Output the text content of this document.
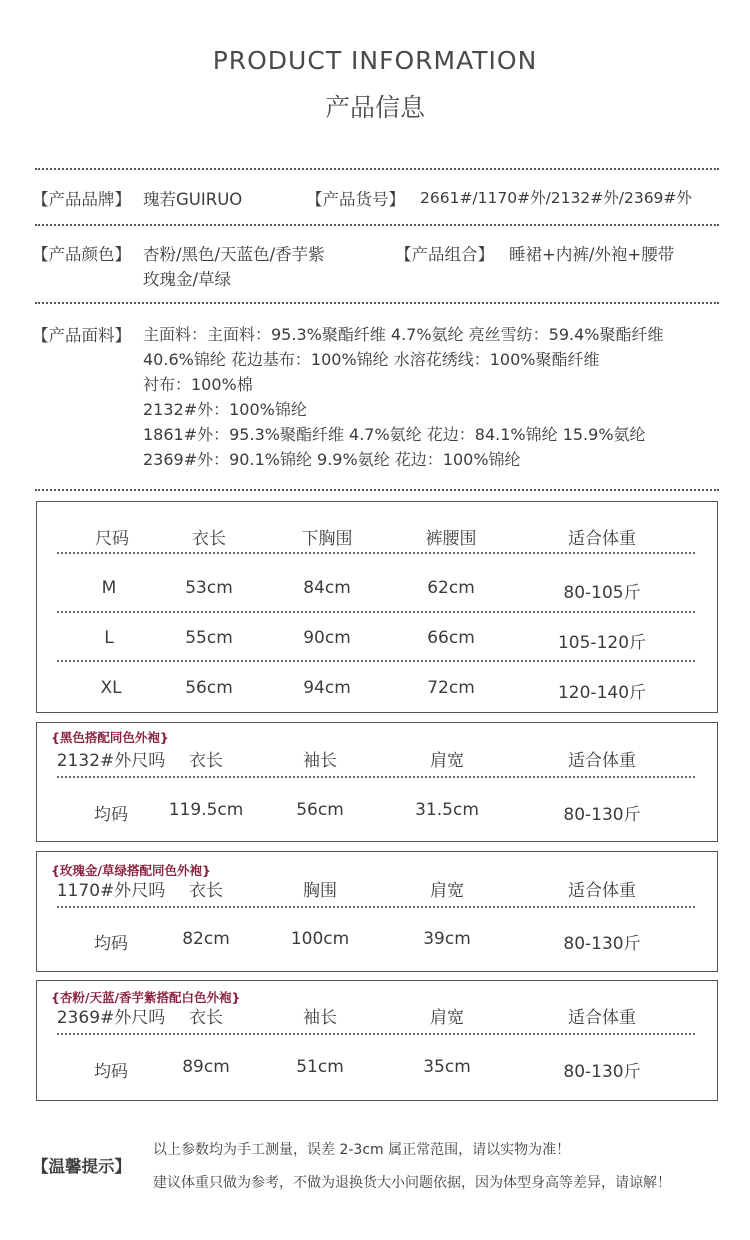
PRODUCT INFORMATION
产品信息
【产品品牌】 瑰若GUIRUO	【产品货号】 2661#/1170#外/2132#外/2369#外
【产品颜色】 杏粉/黑色/天蓝色/香芋紫
玫瑰金/草绿
【产品组合】 睡裙+内裤/外袍+腰带
【产品面料】 主面料：主面料：95.3%聚酯纤维 4.7%氨纶 亮丝雪纺：59.4%聚酯纤维
40.6%锦纶 花边基布：100%锦纶 水溶花绣线：100%聚酯纤维
衬布：100%棉
2132#外：100%锦纶
1861#外：95.3%聚酯纤维 4.7%氨纶 花边：84.1%锦纶 15.9%氨纶
2369#外：90.1%锦纶 9.9%氨纶 花边：100%锦纶
尺码	衣长	下胸围	裤腰围	适合体重
M	53cm	84cm	62cm	80-105斤
L	55cm	90cm	66cm	105-120斤
XL	56cm	94cm	72cm	120-140斤
{黑色搭配同色外袍}
2132#外尺吗 衣长	袖长	肩宽	适合体重
均码 119.5cm	56cm	31.5cm	80-130斤
{玫瑰金/草绿搭配同色外袍}
1170#外尺吗 衣长	胸围	肩宽	适合体重
均码	82cm	100cm	39cm	80-130斤
{杏粉/天蓝/香芋紫搭配白色外袍}
2369#外尺吗 衣长	袖长	肩宽	适合体重
均码	89cm	51cm	35cm	80-130斤
【温馨提示】
以上参数均为手工测量，误差 2-3cm 属正常范围，请以实物为准！
建议体重只做为参考，不做为退换货大小问题依据，因为体型身高等差异，请谅解！
